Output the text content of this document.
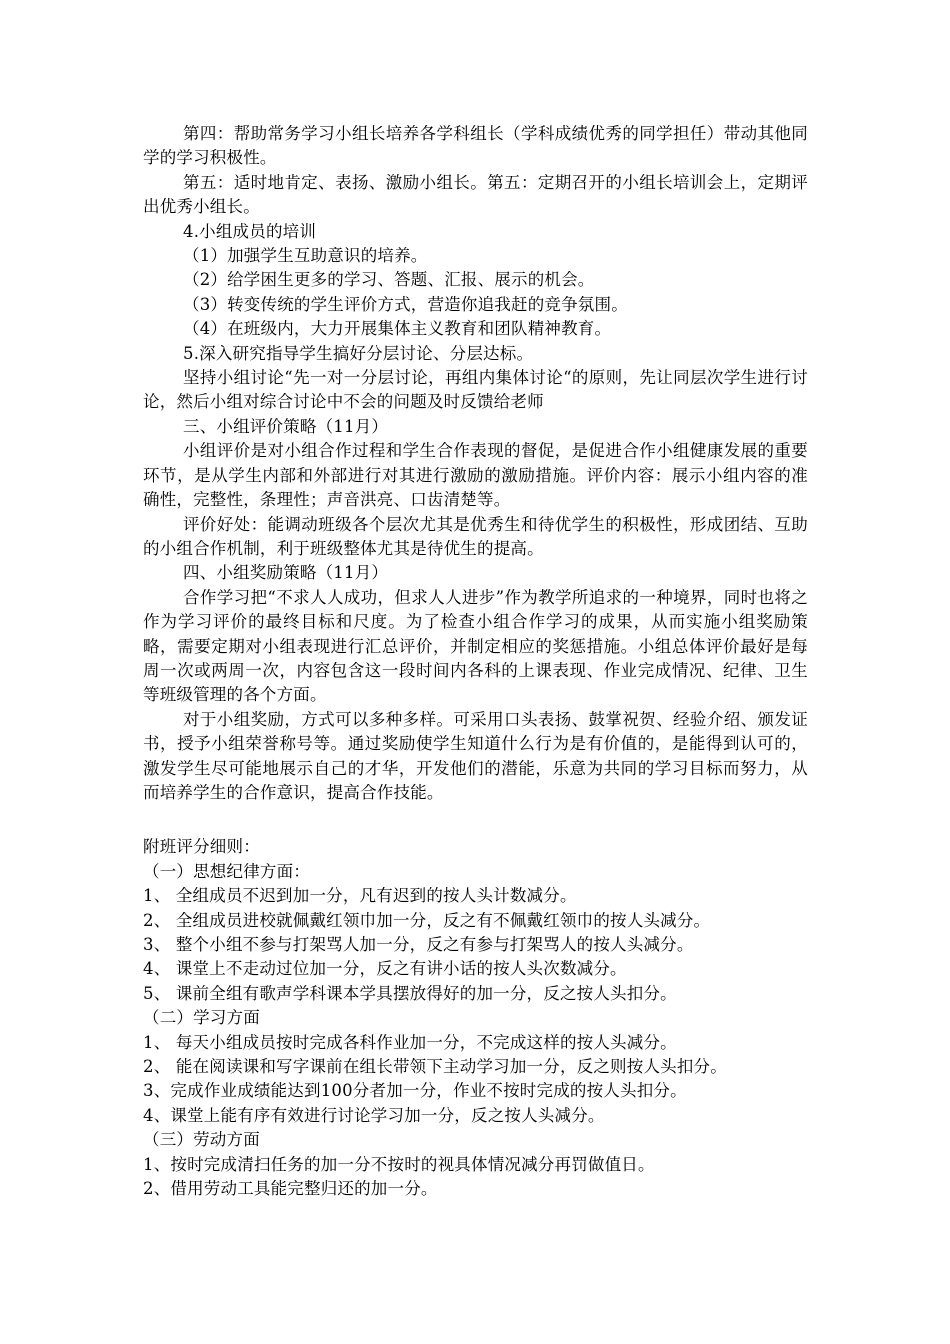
第四：帮助常务学习小组长培养各学科组长（学科成绩优秀的同学担任）带动其他同学的学习积极性。

第五：适时地肯定、表扬、激励小组长。第五：定期召开的小组长培训会上，定期评出优秀小组长。

4.小组成员的培训

（1）加强学生互助意识的培养。

（2）给学困生更多的学习、答题、汇报、展示的机会。

（3）转变传统的学生评价方式，营造你追我赶的竞争氛围。

（4）在班级内，大力开展集体主义教育和团队精神教育。

5.深入研究指导学生搞好分层讨论、分层达标。

坚持小组讨论“先一对一分层讨论，再组内集体讨论“的原则，先让同层次学生进行讨论，然后小组对综合讨论中不会的问题及时反馈给老师

三、小组评价策略（11月）

小组评价是对小组合作过程和学生合作表现的督促，是促进合作小组健康发展的重要环节，是从学生内部和外部进行对其进行激励的激励措施。评价内容：展示小组内容的准确性，完整性，条理性；声音洪亮、口齿清楚等。

评价好处：能调动班级各个层次尤其是优秀生和待优学生的积极性，形成团结、互助的小组合作机制，利于班级整体尤其是待优生的提高。

四、小组奖励策略（11月）

合作学习把“不求人人成功，但求人人进步”作为教学所追求的一种境界，同时也将之作为学习评价的最终目标和尺度。为了检查小组合作学习的成果，从而实施小组奖励策略，需要定期对小组表现进行汇总评价，并制定相应的奖惩措施。小组总体评价最好是每周一次或两周一次，内容包含这一段时间内各科的上课表现、作业完成情况、纪律、卫生等班级管理的各个方面。

对于小组奖励，方式可以多种多样。可采用口头表扬、鼓掌祝贺、经验介绍、颁发证书，授予小组荣誉称号等。通过奖励使学生知道什么行为是有价值的，是能得到认可的，激发学生尽可能地展示自己的才华，开发他们的潜能，乐意为共同的学习目标而努力，从而培养学生的合作意识，提高合作技能。

附班评分细则：

（一）思想纪律方面：

1、 全组成员不迟到加一分，凡有迟到的按人头计数减分。

2、 全组成员进校就佩戴红领巾加一分，反之有不佩戴红领巾的按人头减分。

3、 整个小组不参与打架骂人加一分，反之有参与打架骂人的按人头减分。

4、 课堂上不走动过位加一分，反之有讲小话的按人头次数减分。

5、 课前全组有歌声学科课本学具摆放得好的加一分，反之按人头扣分。

（二）学习方面

1、 每天小组成员按时完成各科作业加一分，不完成这样的按人头减分。

2、 能在阅读课和写字课前在组长带领下主动学习加一分，反之则按人头扣分。

3、完成作业成绩能达到100分者加一分，作业不按时完成的按人头扣分。

4、课堂上能有序有效进行讨论学习加一分，反之按人头减分。

（三）劳动方面

1、按时完成清扫任务的加一分不按时的视具体情况减分再罚做值日。

2、借用劳动工具能完整归还的加一分。
